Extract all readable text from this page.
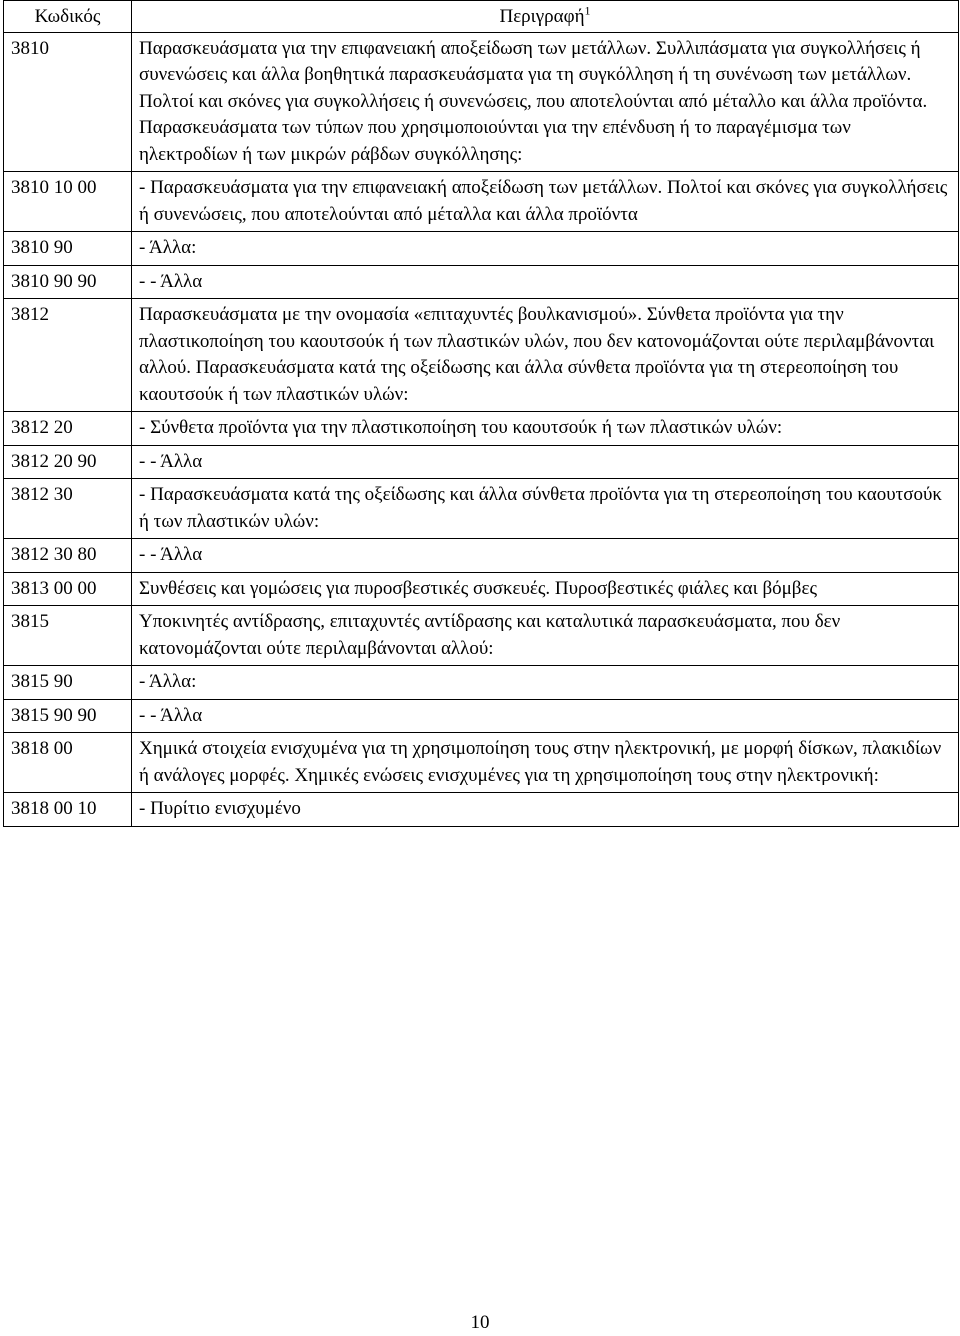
Κωδικός	Περιγραφή$^1$
3810	Παρασκευάσματα για την επιφανειακή αποξείδωση των μετάλλων. Συλλιπάσματα για συγκολλήσεις ή συνενώσεις και άλλα βοηθητικά παρασκευάσματα για τη συγκόλληση ή τη συνένωση των μετάλλων. Πολτοί και σκόνες για συγκολλήσεις ή συνενώσεις, που αποτελούνται από μέταλλο και άλλα προϊόντα. Παρασκευάσματα των τύπων που χρησιμοποιούνται για την επένδυση ή το παραγέμισμα των ηλεκτροδίων ή των μικρών ράβδων συγκόλλησης:
3810 10 00	- Παρασκευάσματα για την επιφανειακή αποξείδωση των μετάλλων. Πολτοί και σκόνες για συγκολλήσεις ή συνενώσεις, που αποτελούνται από μέταλλα και άλλα προϊόντα
3810 90	- Άλλα:
3810 90 90	- - Άλλα
3812	Παρασκευάσματα με την ονομασία «επιταχυντές βουλκανισμού». Σύνθετα προϊόντα για την πλαστικοποίηση του καουτσούκ ή των πλαστικών υλών, που δεν κατονομάζονται ούτε περιλαμβάνονται αλλού. Παρασκευάσματα κατά της οξείδωσης και άλλα σύνθετα προϊόντα για τη στερεοποίηση του καουτσούκ ή των πλαστικών υλών:
3812 20	- Σύνθετα προϊόντα για την πλαστικοποίηση του καουτσούκ ή των πλαστικών υλών:
3812 20 90	- - Άλλα
3812 30	- Παρασκευάσματα κατά της οξείδωσης και άλλα σύνθετα προϊόντα για τη στερεοποίηση του καουτσούκ ή των πλαστικών υλών:
3812 30 80	- - Άλλα
3813 00 00	Συνθέσεις και γομώσεις για πυροσβεστικές συσκευές. Πυροσβεστικές φιάλες και βόμβες
3815	Υποκινητές αντίδρασης, επιταχυντές αντίδρασης και καταλυτικά παρασκευάσματα, που δεν κατονομάζονται ούτε περιλαμβάνονται αλλού:
3815 90	- Άλλα:
3815 90 90	- - Άλλα
3818 00	Χημικά στοιχεία ενισχυμένα για τη χρησιμοποίηση τους στην ηλεκτρονική, με μορφή δίσκων, πλακιδίων ή ανάλογες μορφές. Χημικές ενώσεις ενισχυμένες για τη χρησιμοποίηση τους στην ηλεκτρονική:
3818 00 10	- Πυρίτιο ενισχυμένο
10
